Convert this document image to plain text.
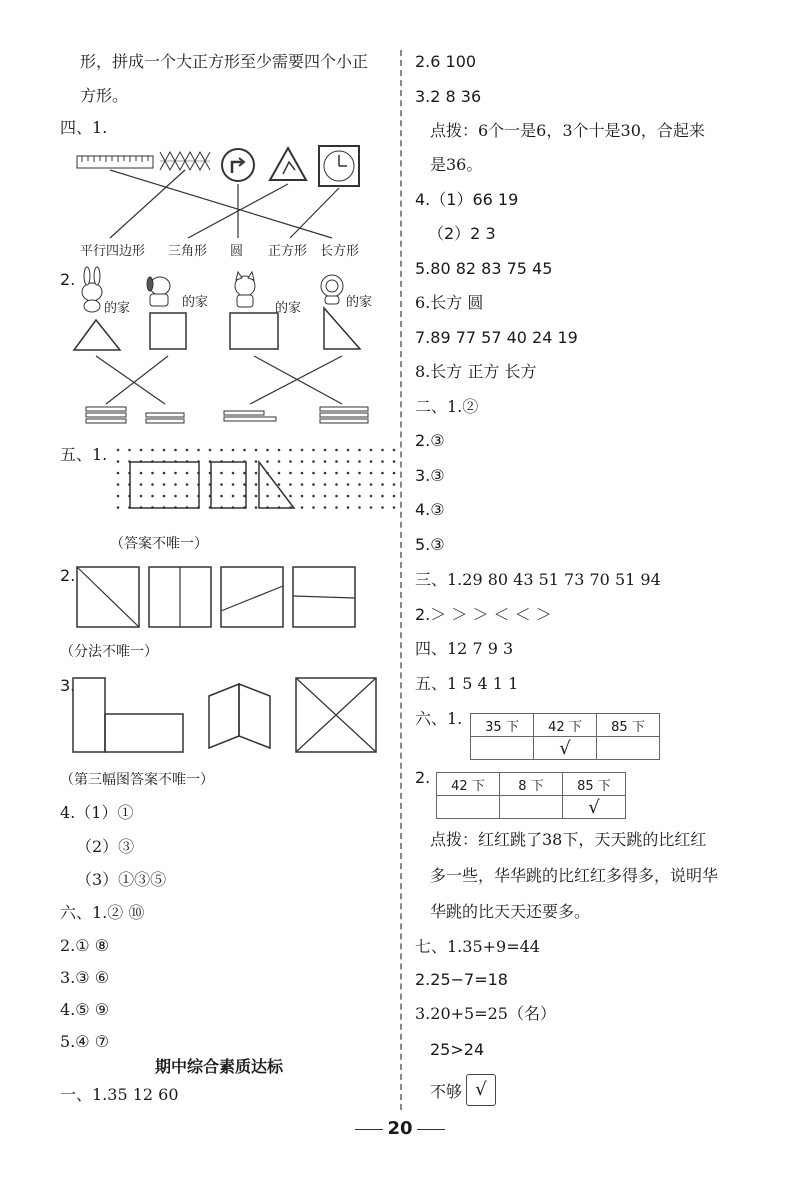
形，拼成一个大正方形至少需要四个小正
方形。
四、1.
平行四边形 三角形 圆 正方形 长方形
2.
的家	的家	的家	的家
五、1.
（答案不唯一）
2.
（分法不唯一）
3.
（第三幅图答案不唯一）
4.（1）①
（2）③
（3）①③⑤
六、1.② ⑩
2.① ⑧
3.③ ⑥
4.⑤ ⑨
5.④ ⑦
期中综合素质达标
一、1.35 12 60
2.6 100
3.2 8 36
点拨：6个一是6，3个十是30，合起来
是36。
4.（1）66 19
（2）2 3
5.80 82 83 75 45
6.长方 圆
7.89 77 57 40 24 19
8.长方 正方 长方
二、1.②
2.③
3.③
4.③
5.③
三、1.29 80 43 51 73 70 51 94
2.＞ ＞ ＞ ＜ ＜ ＞
四、12 7 9 3
五、1 5 4 1 1
六、1. 35 下	42 下	85 下
	√	
2. 42 下	8 下	85 下
		√
点拨：红红跳了38下，天天跳的比红红
多一些，华华跳的比红红多得多，说明华
华跳的比天天还要多。
七、1.35+9=44
2.25−7=18
3.20+5=25（名）
25>24
不够 √
20
